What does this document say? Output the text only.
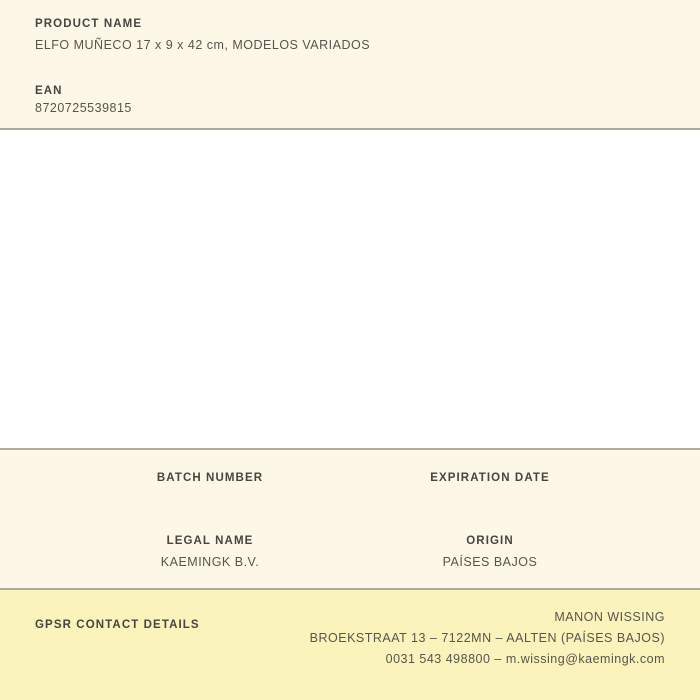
PRODUCT NAME
ELFO MUÑECO 17 x 9 x 42 cm, MODELOS VARIADOS
EAN
8720725539815
BATCH NUMBER
LEGAL NAME
KAEMINGK B.V.
EXPIRATION DATE
ORIGIN
PAÍSES BAJOS
GPSR CONTACT DETAILS
MANON WISSING
BROEKSTRAAT 13 – 7122MN – AALTEN (PAÍSES BAJOS)
0031 543 498800 – m.wissing@kaemingk.com
